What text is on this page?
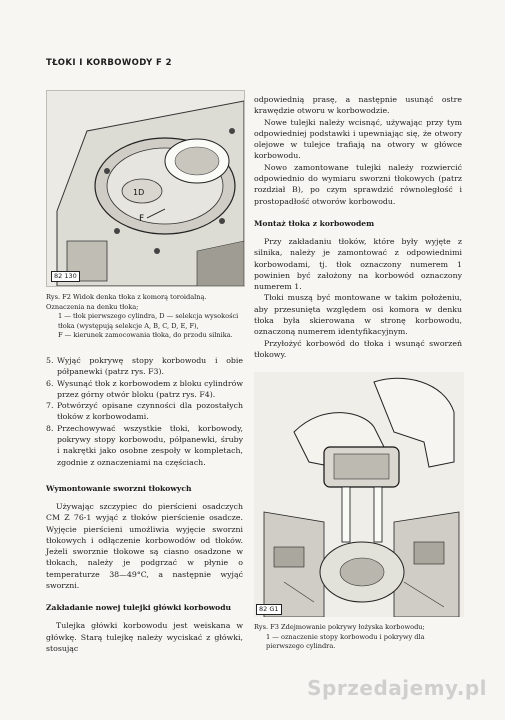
TŁOKI I KORBOWODY F 2
1D
F
82 130
Rys. F2 Widok denka tłoka z komorą toroidalną. Oznaczenia na denku tłoka;
1 — tłok pierwszego cylindra, D — selekcja wysokości tłoka (występują selekcje A, B, C, D, E, F),
F — kierunek zamocowania tłoka, do przodu silnika.
5. Wyjąć pokrywę stopy korbowodu i obie półpanewki (patrz rys. F3).
6. Wysunąć tłok z korbowodem z bloku cylindrów przez górny otwór bloku (patrz rys. F4).
7. Potwórzyć opisane czynności dla pozostałych tłoków z korbowodami.
8. Przechowywać wszystkie tłoki, korbowody, pokrywy stopy korbowodu, półpanewki, śruby i nakrętki jako osobne zespoły w kompletach, zgodnie z oznaczeniami na częściach.
Wymontowanie sworzni tłokowych

Używając szczypiec do pierścieni osadczych CM Z 76-1 wyjąć z tłoków pierścienie osadcze. Wyjęcie pierścieni umożliwia wyjęcie sworzni tłokowych i odłączenie korbowodów od tłoków. Jeżeli sworznie tłokowe są ciasno osadzone w tłokach, należy je podgrzać w płynie o temperaturze 38—49°C, a następnie wyjąć sworzni.

Zakładanie nowej tulejki główki korbowodu

Tulejka główki korbowodu jest weiskana w główkę. Starą tulejkę należy wyciskać z główki, stosując

odpowiednią prasę, a następnie usunąć ostre krawędzie otworu w korbowodzie.

Nowe tulejki należy wcisnąć, używając przy tym odpowiedniej podstawki i upewniając się, że otwory olejowe w tulejce trafiają na otwory w główce korbowodu.

Nowo zamontowane tulejki należy rozwiercić odpowiednio do wymiaru sworzni tłokowych (patrz rozdział B), po czym sprawdzić równoległość i prostopadłość otworów korbowodu.

Montaż tłoka z korbowodem

Przy zakładaniu tłoków, które były wyjęte z silnika, należy je zamontować z odpowiednimi korbowodami, tj. tłok oznaczony numerem 1 powinien być założony na korbowód oznaczony numerem 1.

Tłoki muszą być montowane w takim położeniu, aby przesunięta względem osi komora w denku tłoka była skierowana w stronę korbowodu, oznaczoną numerem identyfikacyjnym.

Przyłożyć korbowód do tłoka i wsunąć sworzeń tłokowy.

82 G1
Rys. F3 Zdejmowanie pokrywy łożyska korbowodu;
1 — oznaczenie stopy korbowodu i pokrywy dla pierwszego cylindra.
Sprzedajemy.pl
